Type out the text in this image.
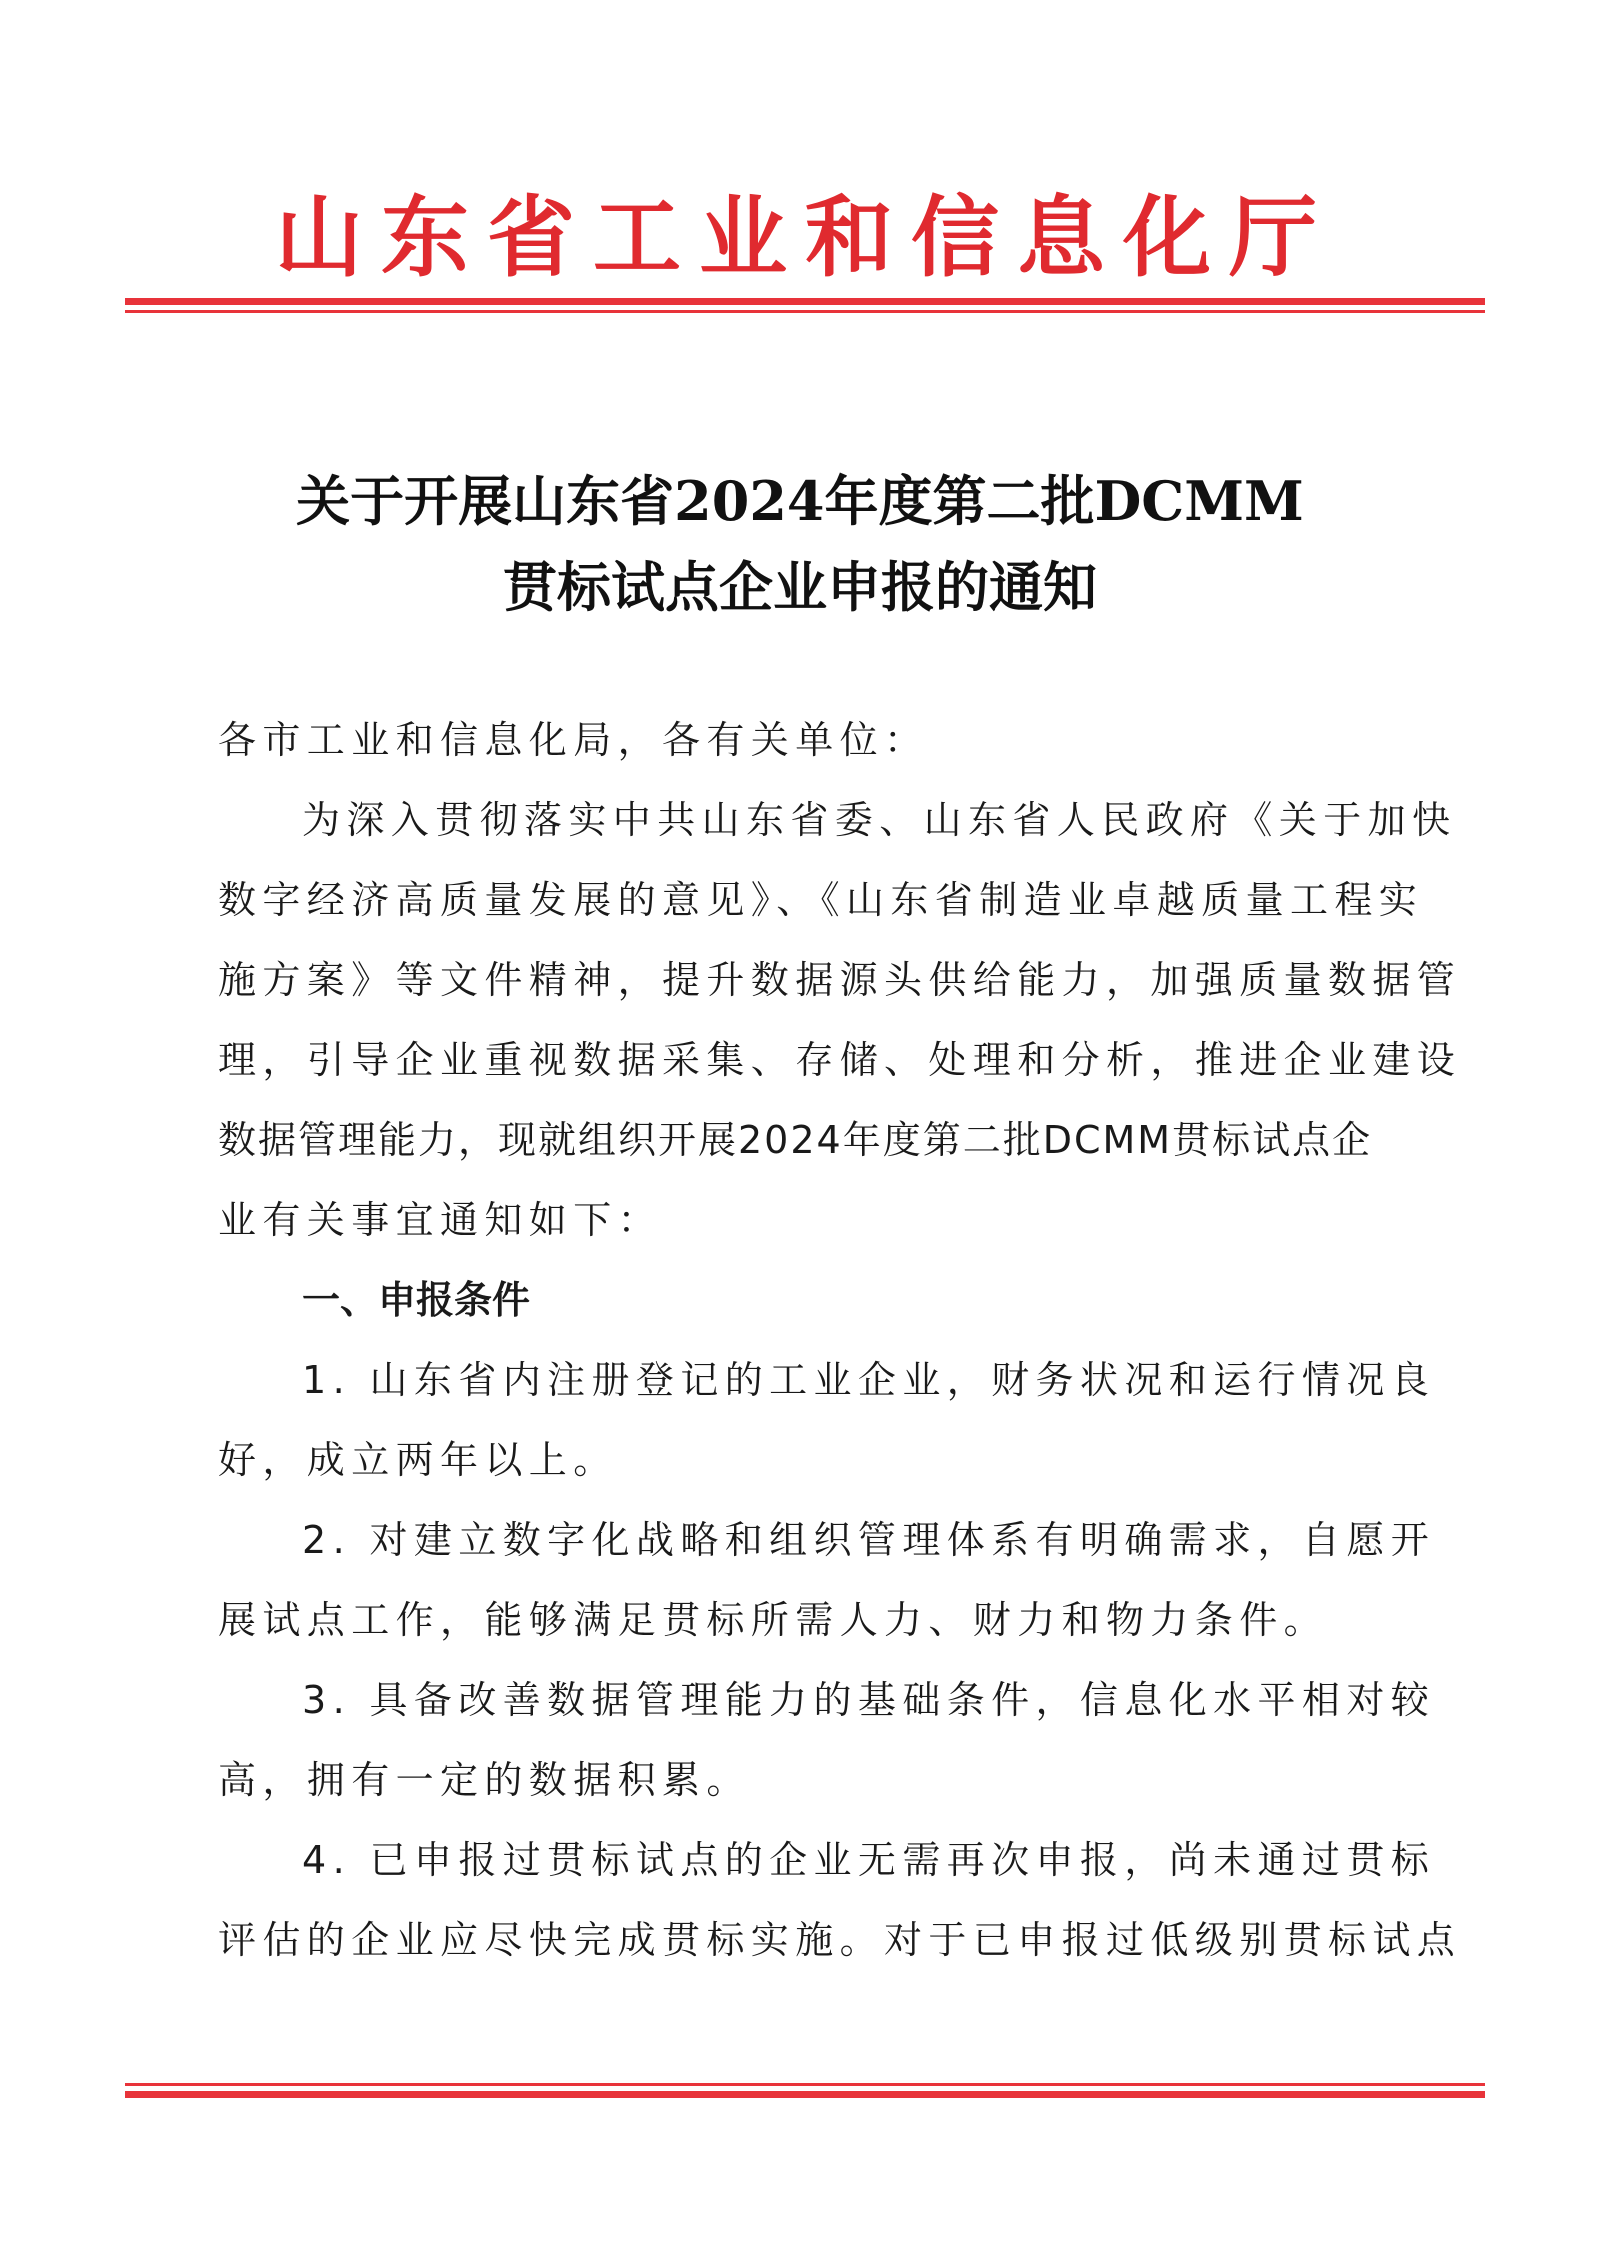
山东省工业和信息化厅
关于开展山东省2024年度第二批DCMM
贯标试点企业申报的通知
各市工业和信息化局，各有关单位：
为深入贯彻落实中共山东省委、山东省人民政府《关于加快
数字经济高质量发展的意见》、《山东省制造业卓越质量工程实
施方案》等文件精神，提升数据源头供给能力，加强质量数据管
理，引导企业重视数据采集、存储、处理和分析，推进企业建设
数据管理能力，现就组织开展2024年度第二批DCMM贯标试点企
业有关事宜通知如下：
一、申报条件
1. 山东省内注册登记的工业企业，财务状况和运行情况良
好，成立两年以上。
2. 对建立数字化战略和组织管理体系有明确需求，自愿开
展试点工作，能够满足贯标所需人力、财力和物力条件。
3. 具备改善数据管理能力的基础条件，信息化水平相对较
高，拥有一定的数据积累。
4. 已申报过贯标试点的企业无需再次申报，尚未通过贯标
评估的企业应尽快完成贯标实施。对于已申报过低级别贯标试点
